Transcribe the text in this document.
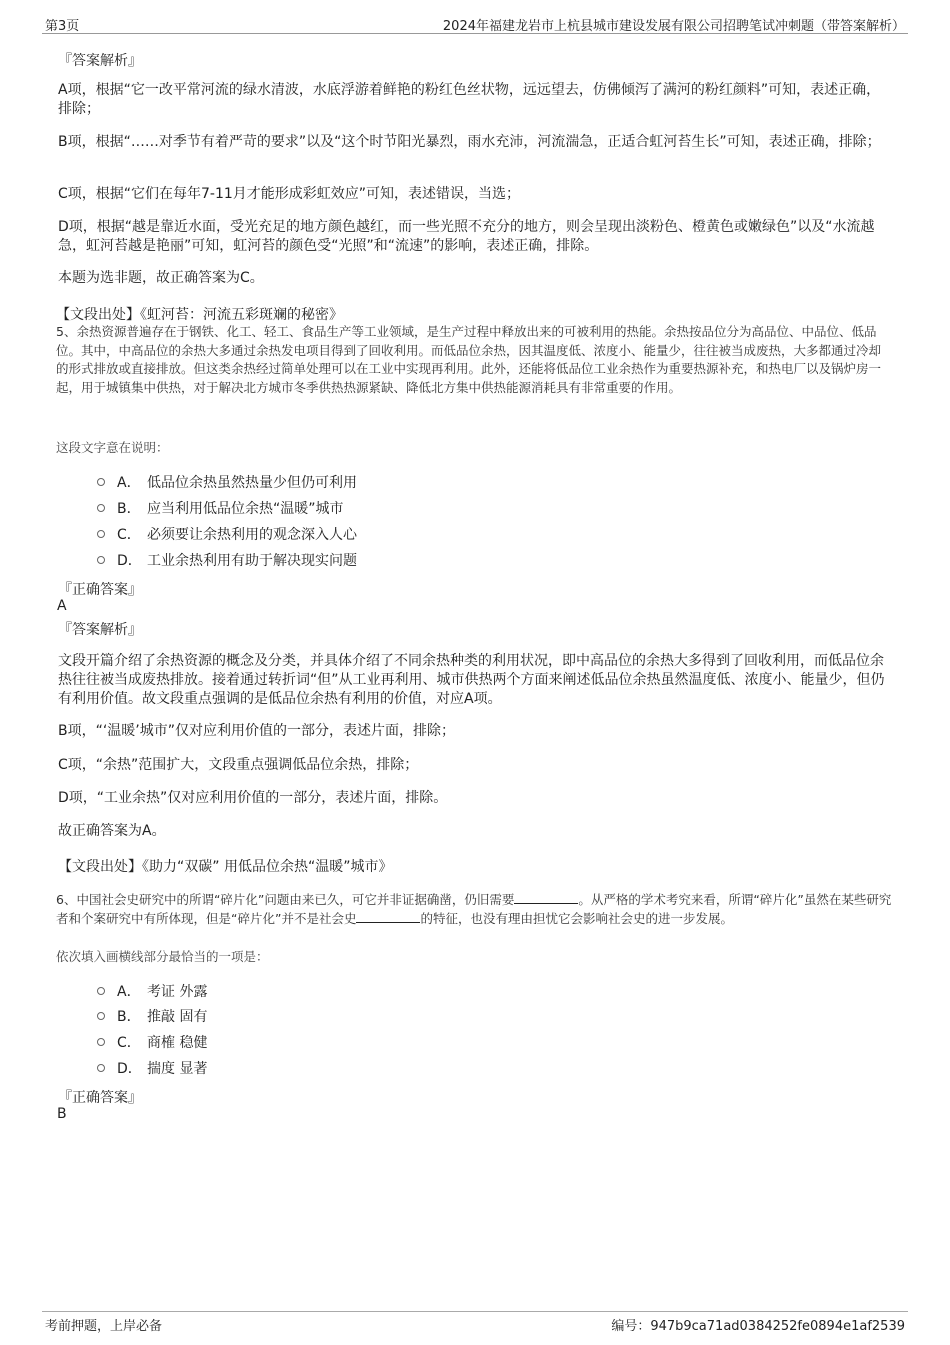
第3页	2024年福建龙岩市上杭县城市建设发展有限公司招聘笔试冲刺题（带答案解析）
『答案解析』
A项，根据“它一改平常河流的绿水清波，水底浮游着鲜艳的粉红色丝状物，远远望去，仿佛倾泻了满河的粉红颜料”可知，表述正确，排除；
B项，根据“……对季节有着严苛的要求”以及“这个时节阳光暴烈，雨水充沛，河流湍急，正适合虹河苔生长”可知，表述正确，排除；
C项，根据“它们在每年7-11月才能形成彩虹效应”可知，表述错误，当选；
D项，根据“越是靠近水面，受光充足的地方颜色越红，而一些光照不充分的地方，则会呈现出淡粉色、橙黄色或嫩绿色”以及“水流越急，虹河苔越是艳丽”可知，虹河苔的颜色受“光照”和“流速”的影响，表述正确，排除。
本题为选非题，故正确答案为C。
【文段出处】《虹河苔：河流五彩斑斓的秘密》
5、余热资源普遍存在于钢铁、化工、轻工、食品生产等工业领域，是生产过程中释放出来的可被利用的热能。余热按品位分为高品位、中品位、低品位。其中，中高品位的余热大多通过余热发电项目得到了回收利用。而低品位余热，因其温度低、浓度小、能量少，往往被当成废热，大多都通过冷却的形式排放或直接排放。但这类余热经过简单处理可以在工业中实现再利用。此外，还能将低品位工业余热作为重要热源补充，和热电厂以及锅炉房一起，用于城镇集中供热，对于解决北方城市冬季供热热源紧缺、降低北方集中供热能源消耗具有非常重要的作用。
这段文字意在说明：
A． 低品位余热虽然热量少但仍可利用
B． 应当利用低品位余热“温暖”城市
C． 必须要让余热利用的观念深入人心
D． 工业余热利用有助于解决现实问题
『正确答案』
A
『答案解析』
文段开篇介绍了余热资源的概念及分类，并具体介绍了不同余热种类的利用状况，即中高品位的余热大多得到了回收利用，而低品位余热往往被当成废热排放。接着通过转折词“但”从工业再利用、城市供热两个方面来阐述低品位余热虽然温度低、浓度小、能量少，但仍有利用价值。故文段重点强调的是低品位余热有利用的价值，对应A项。
B项，“‘温暖’城市”仅对应利用价值的一部分，表述片面，排除；
C项，“余热”范围扩大，文段重点强调低品位余热，排除；
D项，“工业余热”仅对应利用价值的一部分，表述片面，排除。
故正确答案为A。
【文段出处】《助力“双碳” 用低品位余热“温暖”城市》
6、中国社会史研究中的所谓“碎片化”问题由来已久，可它并非证据确凿，仍旧需要	。从严格的学术考究来看，所谓“碎片化”虽然在某些研究者和个案研究中有所体现，但是“碎片化”并不是社会史	的特征，也没有理由担忧它会影响社会史的进一步发展。
依次填入画横线部分最恰当的一项是：
A． 考证 外露
B． 推敲 固有
C． 商榷 稳健
D． 揣度 显著
『正确答案』
B
考前押题，上岸必备	编号：947b9ca71ad0384252fe0894e1af2539
